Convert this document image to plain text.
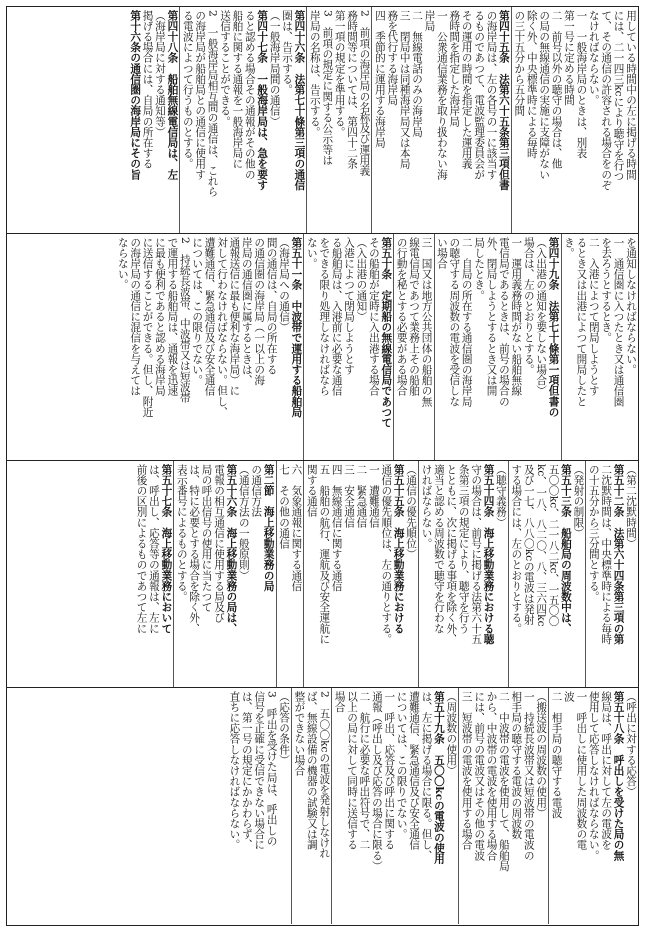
用している時間中の左に掲げる時間
には、二一四三kcにより聴守を行つ
て、その通信の許容される場合をのぞ
なければならない。
一　一般海岸局のときは、別表
第一号に定める時間
二　前号以外の聴守の場合は、他
の局の無線通信の実施に支障がない
除く外、中央標準時による毎時
の三十五分から五分間
第四十五条　法第六十五条第三項但書
の海岸局は、左の各号の一に該当す
るものであつて、電波監理委員会が
その運用の時間を指定した運用義
務時間を指定した海岸局
一　公衆通信業務を取り扱わない海
岸局
二　無線電話のみの海岸局
三　閉局中は同種海岸局又は本局
務を代行する海岸局
四　季節的に運用する海岸局
2　前項の海岸局の名称及び運用義
務時間等については、第四十二条
第一項の規定を準用する。
3　前項の規定に関する公示等は
岸局の名称は、告示する。
第四十六条　法第七十條第三項の通信
圏は、告示する。
（一般海岸局間の通信）
第四十七条　一般海岸局は、急を要す
ると認める場合その通報がその他の
船舶に関する通報を一般海岸局に
送信することができる。
2　一般海岸局相互間の通信は、これら
の海岸局が船舶局との通信に使用す
る電波によつて行うものとする。
第四十八条　船舶無線電信局は、左
（海岸局に対する通知等）
掲げる場合には、自局の所在する
第十六条の通信圏の海岸局にその旨
を通知しなければならない。
一　通信圏に入つたとき又は通信圏
を去ろうとするとき。
二　入港によつて閉局しようとす
るとき又は出港によつて開局したと
き。
第四十九条　法第七十條第一項但書の
（入出港の通知を要しない場合）
場合は、左のとおりとする。
一　運用義務時間がない船舶無線
電信局であるときは、前号の場合の
外、閉局しようとするとき又は開
局したとき。
二　自局の所在する通信圏の海岸局
の聴守する周波数の電波を受信しな
い場合
三　国又は地方公共団体の船舶の無
線電信局であつて業務上その船舶
の行動を秘とする必要がある場合
第五十条　定期船の無線電信局であつて
その船舶が定時に入出港する場合
（入出港の通知）
入港によつて閉局しようとす
る船舶局は、入港前に必要な通信
をできる限り処理しなければなら
ない。
第五十一条　中波帯で運用する船舶局
（海岸局への通信）
間の通信は、自局の所在する
の通信圏の海岸局（一以上の海
岸局の通信圏に属するときは、
通報送信に最も便利な海岸局）に
対して行わなければならない。但し、
遭難通信、緊急通信及び安全通信
については、この限りでない。
2　持続長波帯、中波帯又は短波帯
で運用する船舶局は、通報を迅速
に最も便利であると認める海岸局
に送信することができる。但し、附近
の海岸局の通信に混信を与えては
ならない。
（第二沈默時間）
第五十二条　法第六十四条第三項の第
二沈默時間は、中央標準時による毎時
の十五分から三分間とする。
（発射の制限）
第五十三条　船舶局の周波数中は、
五〇〇kc、二一八二kc、一五〇〇
kc、一八、八二〇、八、三六四kc
及び一七、八八〇kcの電波は発射
する場合には、左のとおりとする。
（聴守義務）
第五十四条　海上移動業務における聴
守の場合は、前号に掲げる法第六十五
条第三項の規定により、聴守を行う
とともに、次に掲げる事項を除く外、
適当と認める周波数で聴守を行わな
ければならない。
（通信の優先順位）
第五十五条　海上移動業務における
通信の優先順位は、左の通りとする。
一　遭難通信
二　緊急通信
三　安全通信
四　無線通信に関する通信
五　船舶の航行、運航及び安全運航に
関する通信
六　気象通報に関する通信
七　その他の通信
第二節　海上移動業務の局
の通信方法
（通信方法の一般原則）
第五十六条　海上移動業務の局は、
電報の相互通信に使用する局及び
局の呼出信号の使用に当たつて
は、特に必要とする場合を除く外、
表示番号によるものとする。
第五十七条　海上移動業務において
は、呼出し、応答等の通報は、左に
前後の区別によるものであつて左に
（呼出に対する応答）
第五十八条　呼出しを受けた局の無
線局は、呼出に対して左の電波を
使用して応答しなければならない。
一　呼出しに使用した周波数の電
波
二　相手局の聴守する電波
（搬送波の周波数の使用）
一　持続長波帯又は短波帯の電波の
相手局の聴守する電波の周波数
二　中波帯の電波を使用して、船舶局
から、中波帯の電波を使用する場合
には、前号の電波又はその他の電波
三　短波帯の電波を使用する場合
（周波数の使用）
第五十九条　五〇〇kcの電波の使用
は、左に掲げる場合に限る。但し、
遭難通信、緊急通信及び安全通信
については、この限りでない。
一　呼出、応答及び呼出に関する
通報（呼出し及び応答の場合に限る）
二　航行に必要な呼出符号で、二
以上の局に対して同時に送信する
場合
2　五〇〇kcの電波を発射しなけれ
ば、無線設備の機器の試験又は調
整ができない場合
（応答の条件）
3　呼出を受けた局は、呼出しの
信号を正確に受信できない場合に
は、第一号の規定にかかわらず、
直ちに応答しなければならない。
